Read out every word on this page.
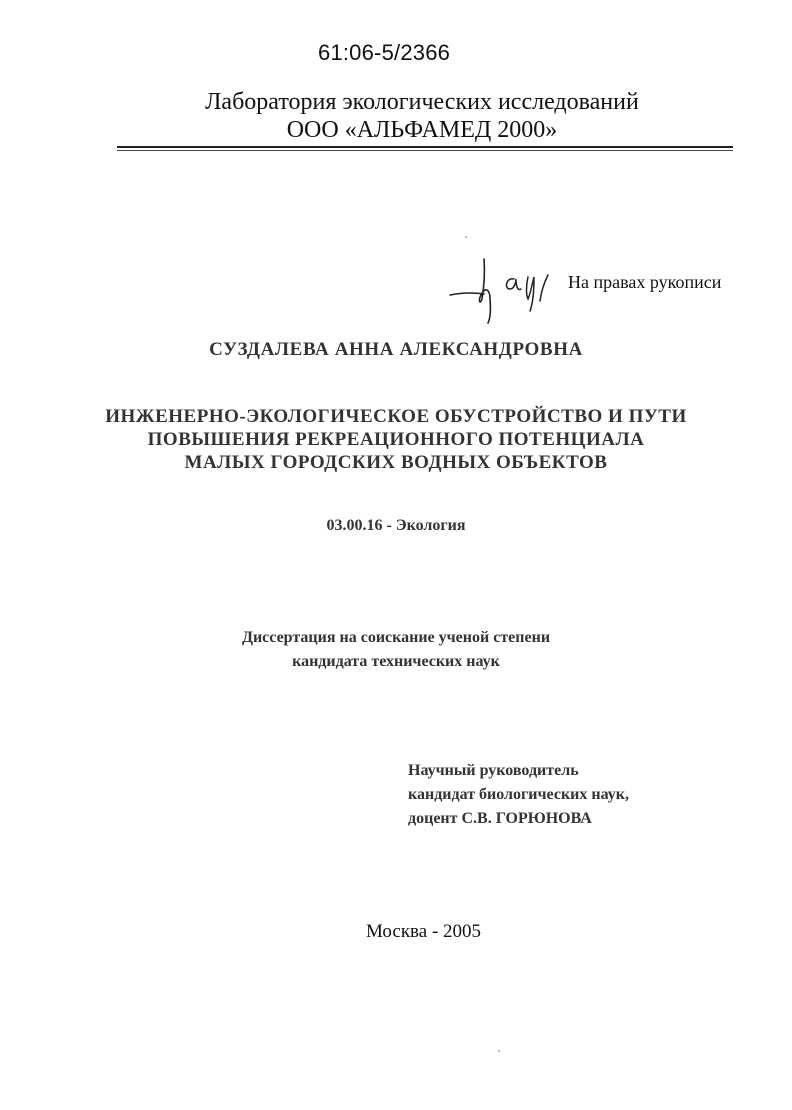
61:06-5/2366
Лаборатория экологических исследований
ООО «АЛЬФАМЕД 2000»
На правах рукописи
СУЗДАЛЕВА АННА АЛЕКСАНДРОВНА
ИНЖЕНЕРНО-ЭКОЛОГИЧЕСКОЕ ОБУСТРОЙСТВО И ПУТИ
ПОВЫШЕНИЯ РЕКРЕАЦИОННОГО ПОТЕНЦИАЛА
МАЛЫХ ГОРОДСКИХ ВОДНЫХ ОБЪЕКТОВ
03.00.16 - Экология
Диссертация на соискание ученой степени
кандидата технических наук
Научный руководитель
кандидат биологических наук,
доцент С.В. ГОРЮНОВА
Москва - 2005
